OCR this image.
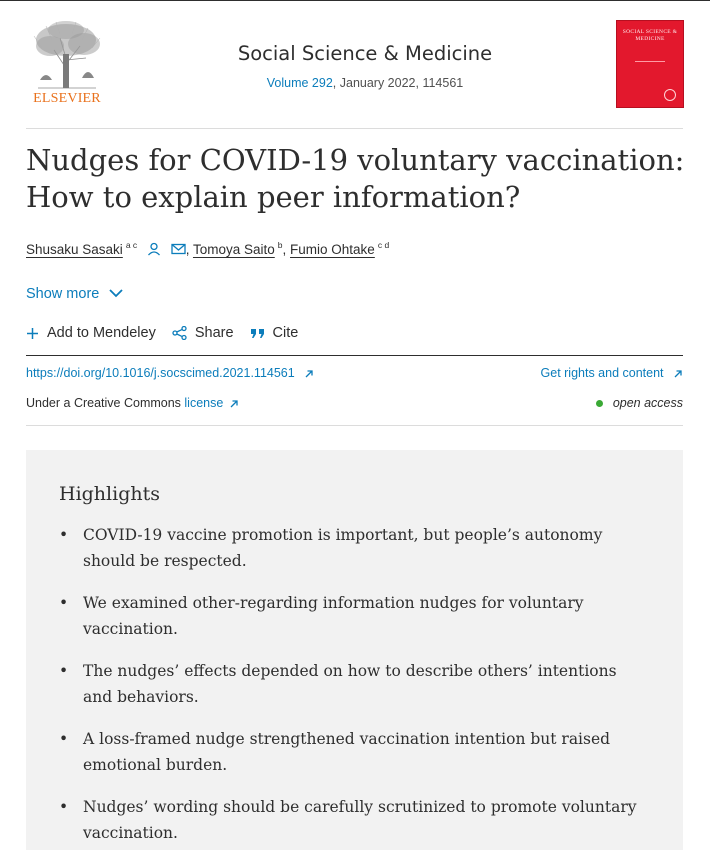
ELSEVIER
Social Science & Medicine
Volume 292, January 2022, 114561
SOCIAL SCIENCE & MEDICINE
Nudges for COVID-19 voluntary vaccination: How to explain peer information?
Shusaku Sasaki $^{a c}$	, Tomoya Saito $^b$, Fumio Ohtake $^{c d}$
Show more
Add to Mendeley	Share	Cite
https://doi.org/10.1016/j.socscimed.2021.114561	Get rights and content
Under a Creative Commons license	open access
Highlights
• COVID-19 vaccine promotion is important, but people’s autonomy should be respected.
• We examined other-regarding information nudges for voluntary vaccination.
• The nudges’ effects depended on how to describe others’ intentions and behaviors.
• A loss-framed nudge strengthened vaccination intention but raised emotional burden.
• Nudges’ wording should be carefully scrutinized to promote voluntary vaccination.
